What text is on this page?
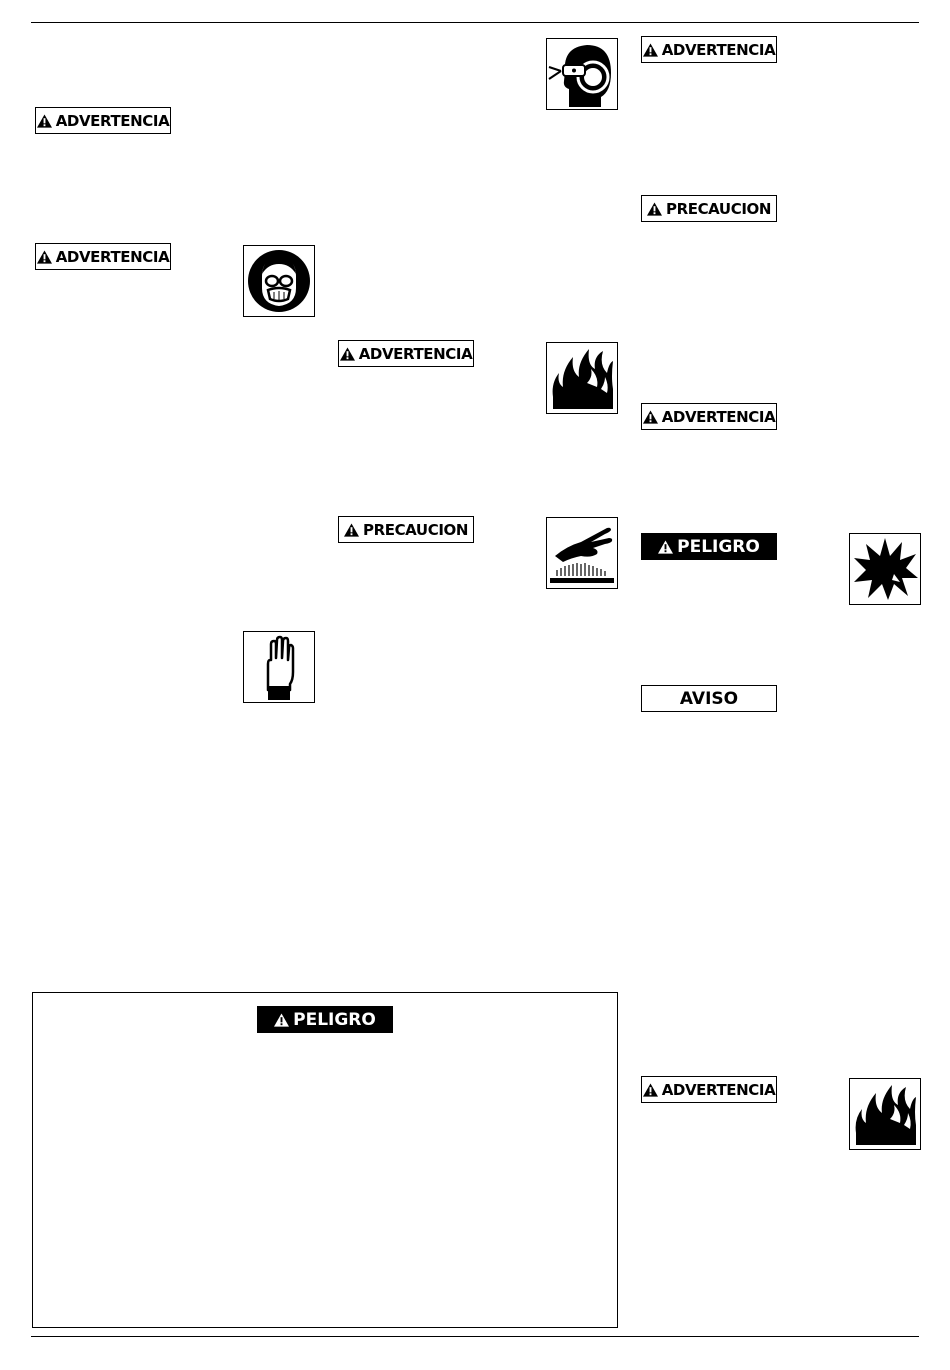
ADVERTENCIA
ADVERTENCIA
ADVERTENCIA
PRECAUCION
PELIGRO
ADVERTENCIA
PRECAUCION
ADVERTENCIA
PELIGRO
AVISO
ADVERTENCIA
